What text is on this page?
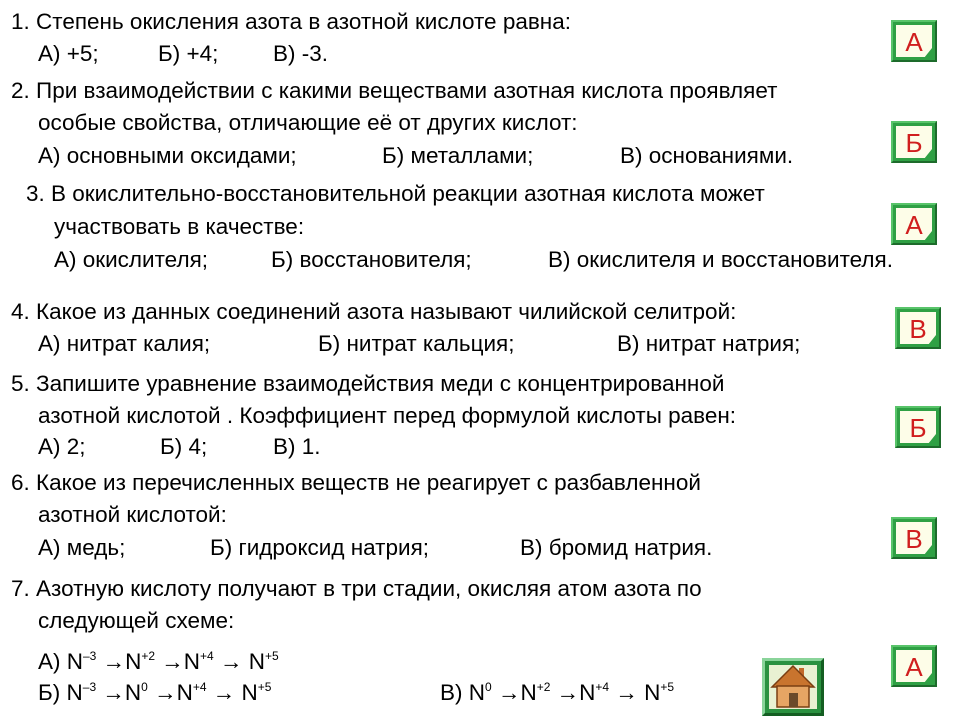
1. Степень окисления азота в азотной кислоте равна:
А) +5;	Б) +4; В) -3.	А
2. При взаимодействии с какими веществами азотная кислота проявляет
особые свойства, отличающие её от других кислот:
А) основными оксидами;	Б) металлами;	В) основаниями.	Б
3. В окислительно-восстановительной реакции азотная кислота может
участвовать в качестве:
А) окислителя;	Б) восстановителя;	В) окислителя и восстановителя.
А
4. Какое из данных соединений азота называют чилийской селитрой:
А) нитрат калия;	Б) нитрат кальция;	В) нитрат натрия;	В
5. Запишите уравнение взаимодействия меди с концентрированной
азотной кислотой . Коэффициент перед формулой кислоты равен:
А) 2;	Б) 4;	В) 1.
Б
6. Какое из перечисленных веществ не реагирует с разбавленной
азотной кислотой:
А) медь;	Б) гидроксид натрия;	В) бромид натрия.	В
7. Азотную кислоту получают в три стадии, окисляя атом азота по
следующей схеме:
А) $N^{-3} \to N^{+2} \to N^{+4} \to N^{+5}$
Б) $N^{-3} \to N^0 \to N^{+4} \to N^{+5}$	В) $N^0 \to N^{+2} \to N^{+4} \to N^{+5}$
А
